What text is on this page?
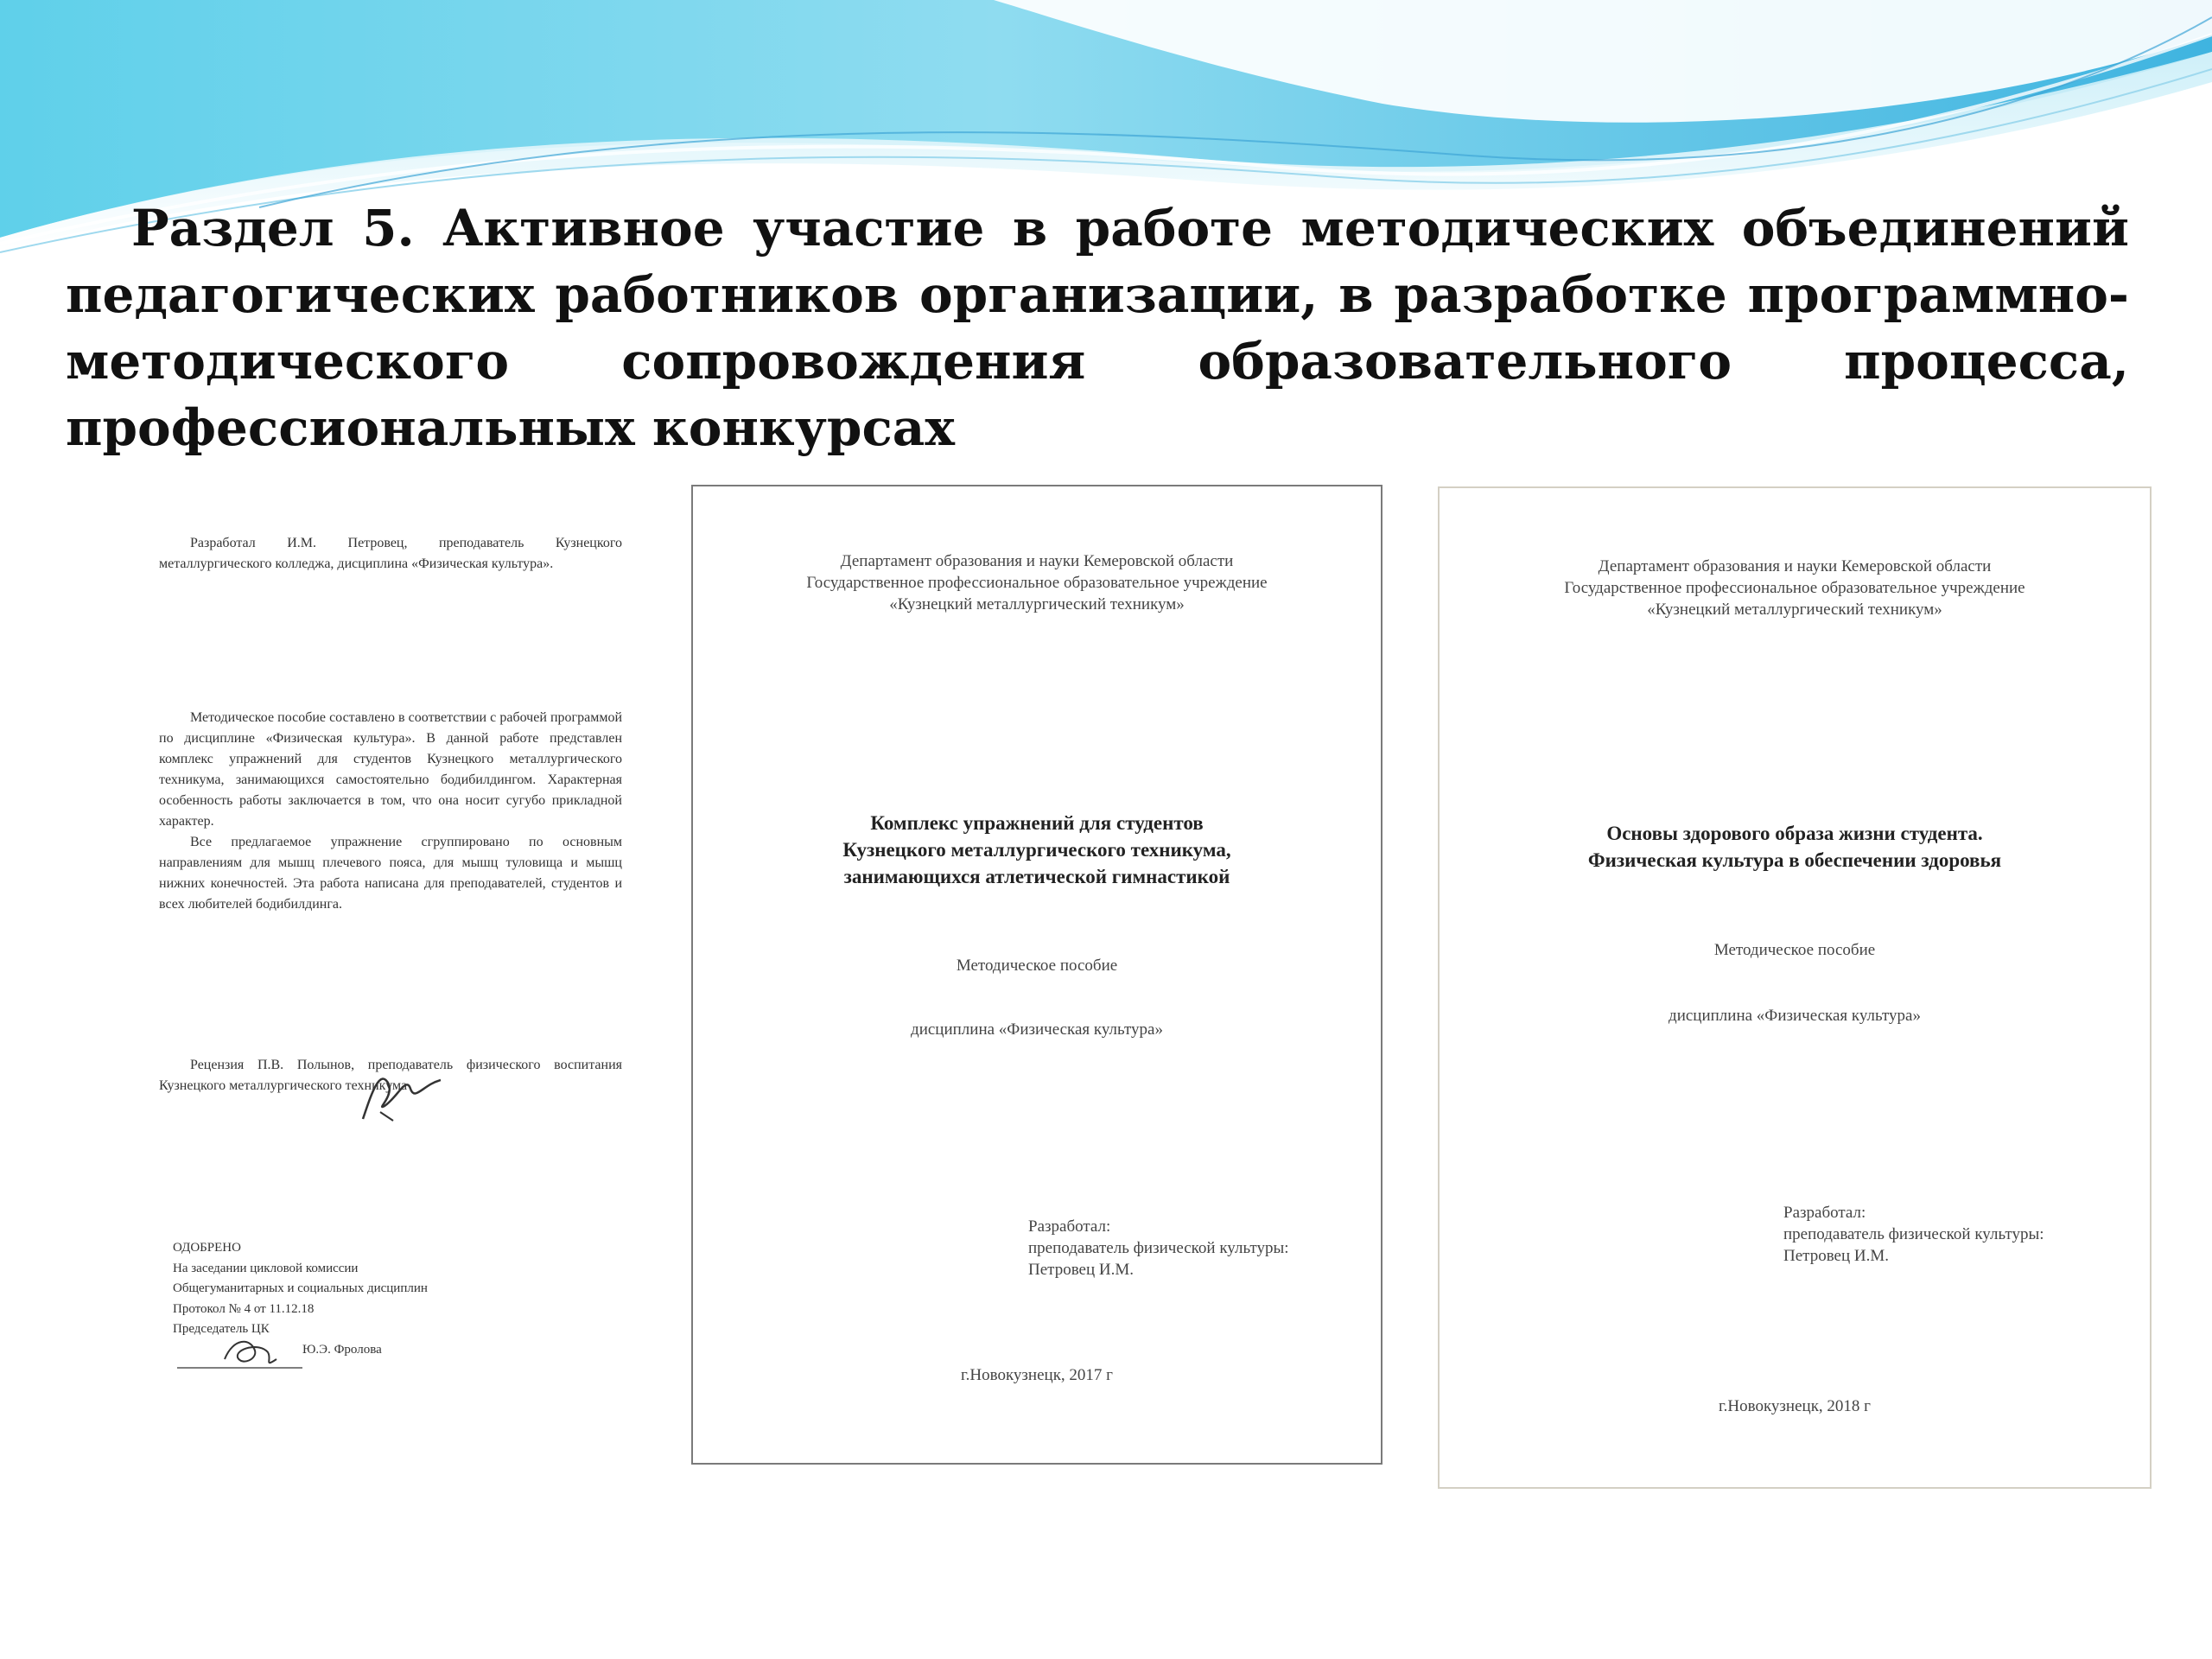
Раздел 5. Активное участие в работе методических объединений педагогических работников организации, в разработке программно-методического сопровождения образовательного процесса, профессиональных конкурсах

Разработал И.М. Петровец, преподаватель Кузнецкого металлургического колледжа, дисциплина «Физическая культура».

Методическое пособие составлено в соответствии с рабочей программой по дисциплине «Физическая культура». В данной работе представлен комплекс упражнений для студентов Кузнецкого металлургического техникума, занимающихся самостоятельно бодибилдингом. Характерная особенность работы заключается в том, что она носит сугубо прикладной характер.

Все предлагаемое упражнение сгруппировано по основным направлениям для мышц плечевого пояса, для мышц туловища и мышц нижних конечностей. Эта работа написана для преподавателей, студентов и всех любителей бодибилдинга.

Рецензия П.В. Полынов, преподаватель физического воспитания Кузнецкого металлургического техникума

ОДОБРЕНО

На заседании цикловой комиссии

Общегуманитарных и социальных дисциплин

Протокол № 4 от 11.12.18

Председатель ЦК

Ю.Э. Фролова

Департамент образования и науки Кемеровской области

Государственное профессиональное образовательное учреждение

«Кузнецкий металлургический техникум»

Комплекс упражнений для студентов

Кузнецкого металлургического техникума,

занимающихся атлетической гимнастикой

Методическое пособие

дисциплина «Физическая культура»

Разработал:

преподаватель физической культуры:

Петровец И.М.

г.Новокузнецк, 2017 г

Департамент образования и науки Кемеровской области

Государственное профессиональное образовательное учреждение

«Кузнецкий металлургический техникум»

Основы здорового образа жизни студента.

Физическая культура в обеспечении здоровья

Методическое пособие

дисциплина «Физическая культура»

Разработал:

преподаватель физической культуры:

Петровец И.М.

г.Новокузнецк, 2018 г
